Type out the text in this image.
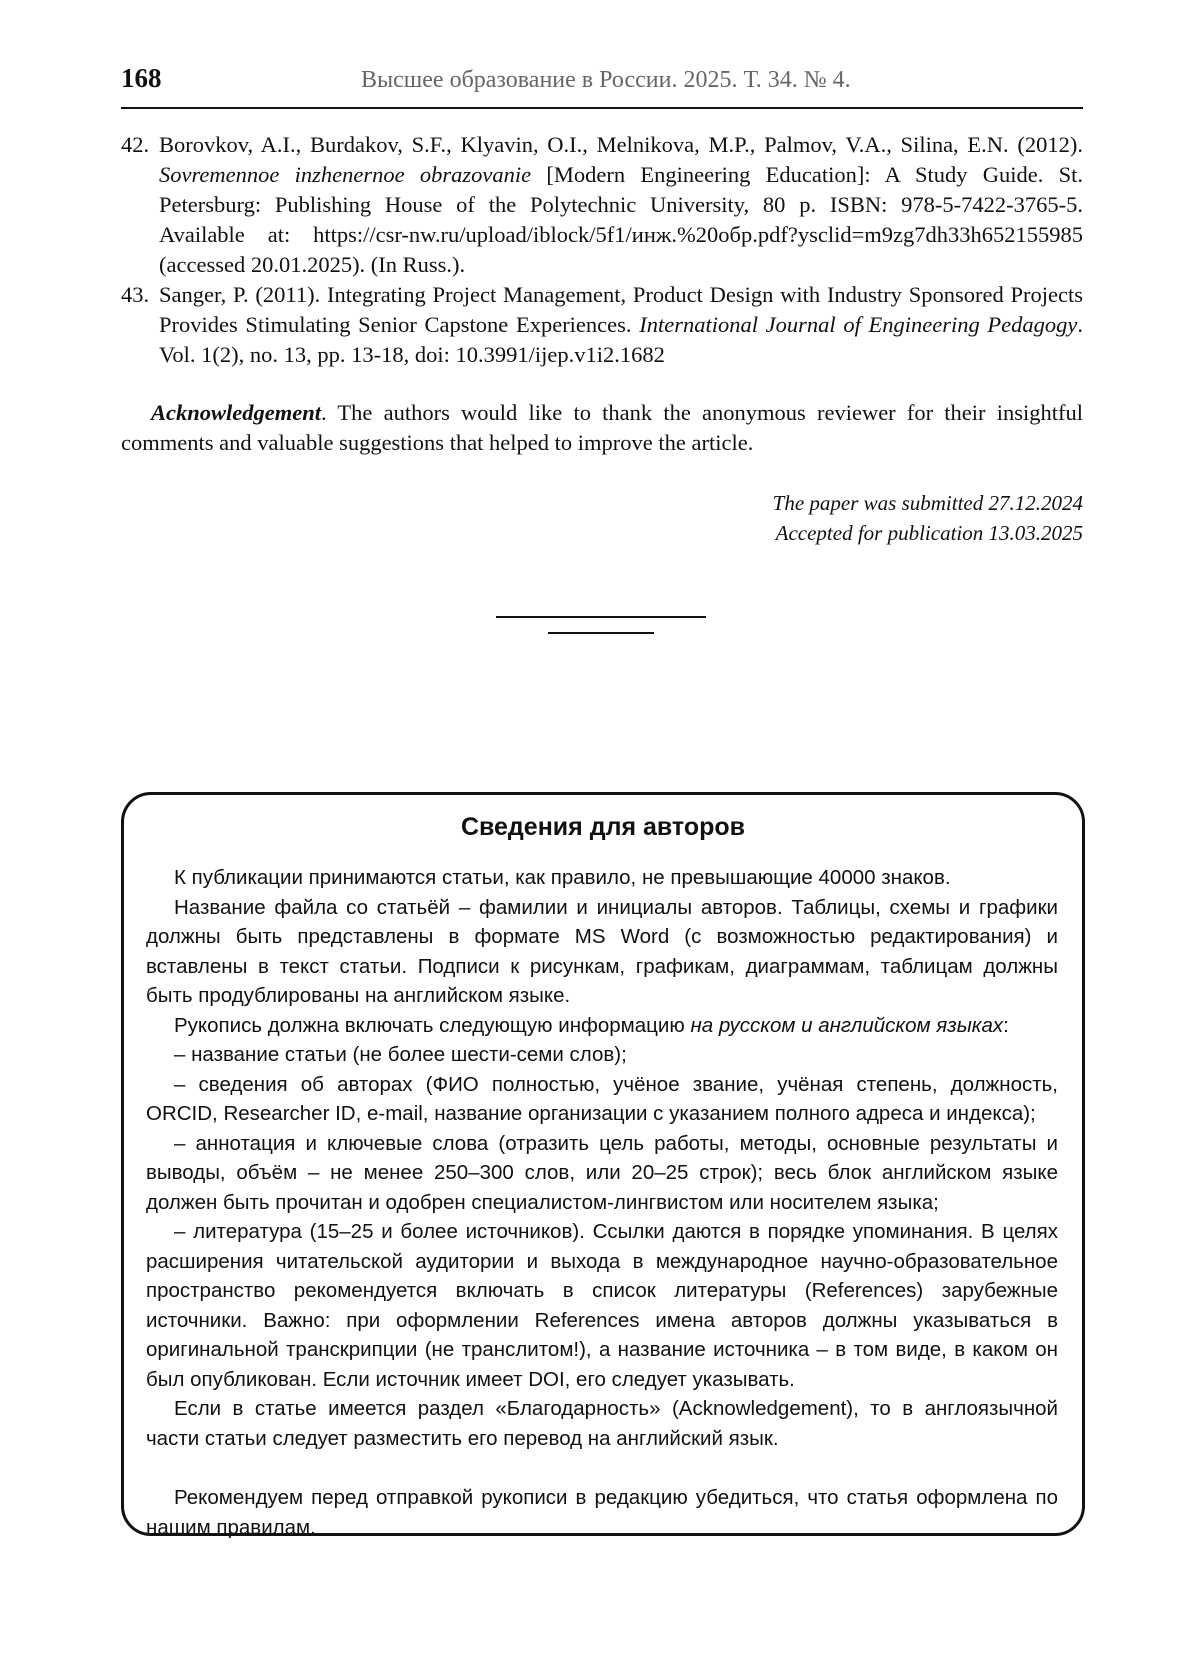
168	Высшее образование в России. 2025. Т. 34. № 4.
42. Borovkov, A.I., Burdakov, S.F., Klyavin, O.I., Melnikova, M.P., Palmov, V.A., Silina, E.N. (2012). Sovremennoe inzhenernoe obrazovanie [Modern Engineering Education]: A Study Guide. St. Petersburg: Publishing House of the Polytechnic University, 80 p. ISBN: 978-5-7422-3765-5. Available at: https://csr-nw.ru/upload/iblock/5f1/инж.%20обр.pdf?ysclid=m9zg7dh33h652155985 (accessed 20.01.2025). (In Russ.).
43. Sanger, P. (2011). Integrating Project Management, Product Design with Industry Sponsored Projects Provides Stimulating Senior Capstone Experiences. International Journal of Engineering Pedagogy. Vol. 1(2), no. 13, pp. 13-18, doi: 10.3991/ijep.v1i2.1682
Acknowledgement. The authors would like to thank the anonymous reviewer for their insightful comments and valuable suggestions that helped to improve the article.
The paper was submitted 27.12.2024
Accepted for publication 13.03.2025
Сведения для авторов

К публикации принимаются статьи, как правило, не превышающие 40000 знаков.

Название файла со статьёй – фамилии и инициалы авторов. Таблицы, схемы и графики должны быть представлены в формате MS Word (с возможностью редактирования) и вставлены в текст статьи. Подписи к рисункам, графикам, диаграммам, таблицам должны быть продублированы на английском языке.

Рукопись должна включать следующую информацию на русском и английском языках:

– название статьи (не более шести-семи слов);

– сведения об авторах (ФИО полностью, учёное звание, учёная степень, должность, ORCID, Researcher ID, e-mail, название организации с указанием полного адреса и индекса);

– аннотация и ключевые слова (отразить цель работы, методы, основные результаты и выводы, объём – не менее 250–300 слов, или 20–25 строк); весь блок английском языке должен быть прочитан и одобрен специалистом-лингвистом или носителем языка;

– литература (15–25 и более источников). Ссылки даются в порядке упоминания. В целях расширения читательской аудитории и выхода в международное научно-образовательное пространство рекомендуется включать в список литературы (References) зарубежные источники. Важно: при оформлении References имена авторов должны указываться в оригинальной транскрипции (не транслитом!), а название источника – в том виде, в каком он был опубликован. Если источник имеет DOI, его следует указывать.

Если в статье имеется раздел «Благодарность» (Acknowledgement), то в англоязычной части статьи следует разместить его перевод на английский язык.

Рекомендуем перед отправкой рукописи в редакцию убедиться, что статья оформлена по нашим правилам.
